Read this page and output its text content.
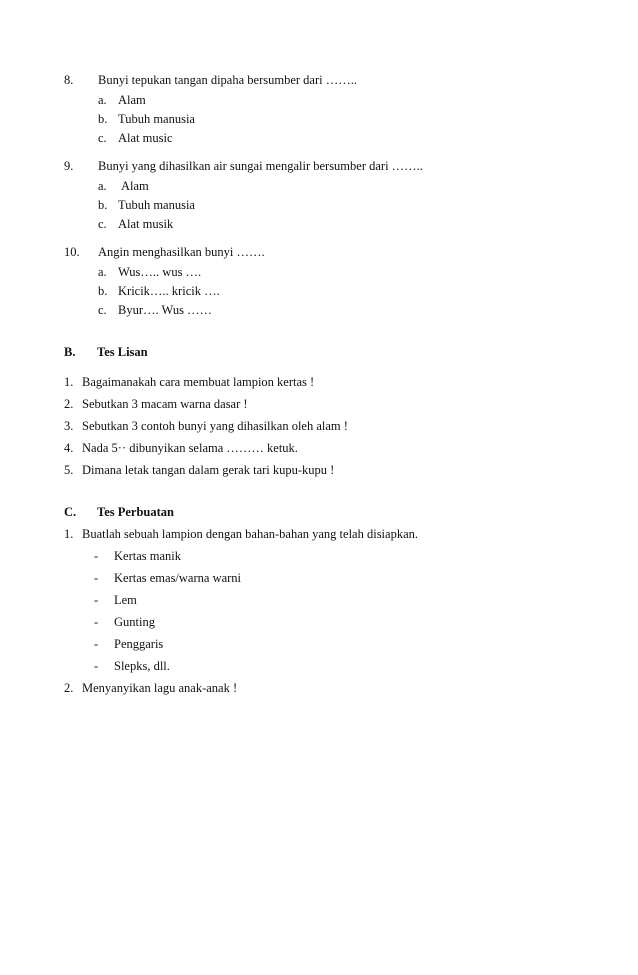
8. Bunyi tepukan tangan dipaha bersumber dari ……..
a. Alam
b. Tubuh manusia
c. Alat music
9. Bunyi yang dihasilkan air sungai mengalir bersumber dari ……..
a. Alam
b. Tubuh manusia
c. Alat musik
10. Angin menghasilkan bunyi …….
a. Wus….. wus ….
b. Kricik….. kricik ….
c. Byur…. Wus ……
B. Tes Lisan
1. Bagaimanakah cara membuat lampion kertas !
2. Sebutkan 3 macam warna dasar !
3. Sebutkan 3 contoh bunyi yang dihasilkan oleh alam !
4. Nada 5·· dibunyikan selama ……… ketuk.
5. Dimana letak tangan dalam gerak tari kupu-kupu !
C. Tes Perbuatan
1. Buatlah sebuah lampion dengan bahan-bahan yang telah disiapkan.
- Kertas manik
- Kertas emas/warna warni
- Lem
- Gunting
- Penggaris
- Slepks, dll.
2. Menyanyikan lagu anak-anak !
